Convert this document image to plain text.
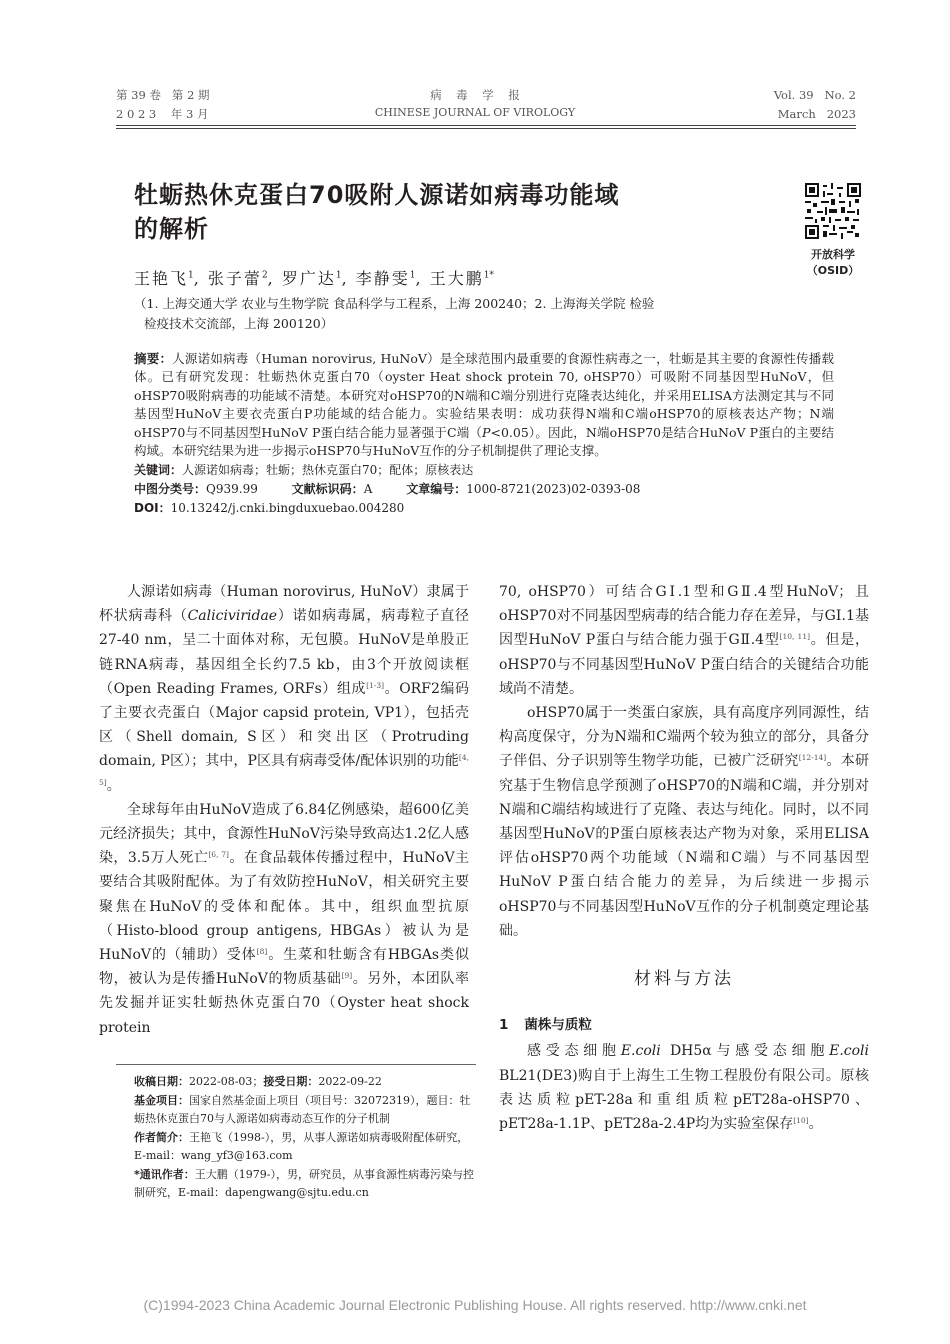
第 39 卷   第 2 期
2 0 2 3    年 3 月
病    毒    学    报
CHINESE JOURNAL OF VIROLOGY
Vol. 39   No. 2
March   2023
牡蛎热休克蛋白70吸附人源诺如病毒功能域
的解析
开放科学
（OSID）
王艳飞$^1$, 张子蕾$^2$, 罗广达$^1$, 李静雯$^1$, 王大鹏$^{1*}$
（1. 上海交通大学 农业与生物学院 食品科学与工程系，上海 200240；2. 上海海关学院 检验
检疫技术交流部，上海 200120）
摘要：人源诺如病毒（Human norovirus, HuNoV）是全球范围内最重要的食源性病毒之一，牡蛎是其主要的食源性传播载体。已有研究发现：牡蛎热休克蛋白70（oyster Heat shock protein 70, oHSP70）可吸附不同基因型HuNoV，但oHSP70吸附病毒的功能域不清楚。本研究对oHSP70的N端和C端分别进行克隆表达纯化，并采用ELISA方法测定其与不同基因型HuNoV主要衣壳蛋白P功能域的结合能力。实验结果表明：成功获得N端和C端oHSP70的原核表达产物；N端oHSP70与不同基因型HuNoV P蛋白结合能力显著强于C端（P<0.05）。因此，N端oHSP70是结合HuNoV P蛋白的主要结构域。本研究结果为进一步揭示oHSP70与HuNoV互作的分子机制提供了理论支撑。
关键词：人源诺如病毒；牡蛎；热休克蛋白70；配体；原核表达
中图分类号：Q939.99	文献标识码：A	文章编号：1000-8721(2023)02-0393-08
DOI：10.13242/j.cnki.bingduxuebao.004280

人源诺如病毒（Human norovirus, HuNoV）隶属于杯状病毒科（Caliciviridae）诺如病毒属，病毒粒子直径27-40 nm，呈二十面体对称，无包膜。HuNoV是单股正链RNA病毒，基因组全长约7.5 kb，由3个开放阅读框（Open Reading Frames, ORFs）组成[1-3]。ORF2编码了主要衣壳蛋白（Major capsid protein, VP1），包括壳区（Shell domain, S区）和突出区（Protruding domain, P区）；其中，P区具有病毒受体/配体识别的功能[4, 5]。

全球每年由HuNoV造成了6.84亿例感染，超600亿美元经济损失；其中，食源性HuNoV污染导致高达1.2亿人感染，3.5万人死亡[6, 7]。在食品载体传播过程中，HuNoV主要结合其吸附配体。为了有效防控HuNoV，相关研究主要聚焦在HuNoV的受体和配体。其中，组织血型抗原（Histo-blood group antigens, HBGAs）被认为是HuNoV的（辅助）受体[8]。生菜和牡蛎含有HBGAs类似物，被认为是传播HuNoV的物质基础[9]。另外，本团队率先发掘并证实牡蛎热休克蛋白70（Oyster heat shock protein

收稿日期：2022-08-03；接受日期：2022-09-22
基金项目：国家自然基金面上项目（项目号：32072319），题目：牡蛎热休克蛋白70与人源诺如病毒动态互作的分子机制
作者简介：王艳飞（1998-），男，从事人源诺如病毒吸附配体研究，E-mail：wang_yf3@163.com
*通讯作者：王大鹏（1979-），男，研究员，从事食源性病毒污染与控制研究，E-mail：dapengwang@sjtu.edu.cn

70, oHSP70）可结合GⅠ.1型和GⅡ.4型HuNoV；且oHSP70对不同基因型病毒的结合能力存在差异，与GⅠ.1基因型HuNoV P蛋白与结合能力强于GⅡ.4型[10, 11]。但是，oHSP70与不同基因型HuNoV P蛋白结合的关键结合功能域尚不清楚。

oHSP70属于一类蛋白家族，具有高度序列同源性，结构高度保守，分为N端和C端两个较为独立的部分，具备分子伴侣、分子识别等生物学功能，已被广泛研究[12-14]。本研究基于生物信息学预测了oHSP70的N端和C端，并分别对N端和C端结构域进行了克隆、表达与纯化。同时，以不同基因型HuNoV的P蛋白原核表达产物为对象，采用ELISA评估oHSP70两个功能域（N端和C端）与不同基因型HuNoV P蛋白结合能力的差异，为后续进一步揭示oHSP70与不同基因型HuNoV互作的分子机制奠定理论基础。

材料与方法
1 菌株与质粒

感受态细胞E.coli DH5α与感受态细胞E.coli BL21(DE3)购自于上海生工生物工程股份有限公司。原核表达质粒pET-28a和重组质粒pET28a-oHSP70、pET28a-1.1P、pET28a-2.4P均为实验室保存[10]。

(C)1994-2023 China Academic Journal Electronic Publishing House. All rights reserved. http://www.cnki.net
